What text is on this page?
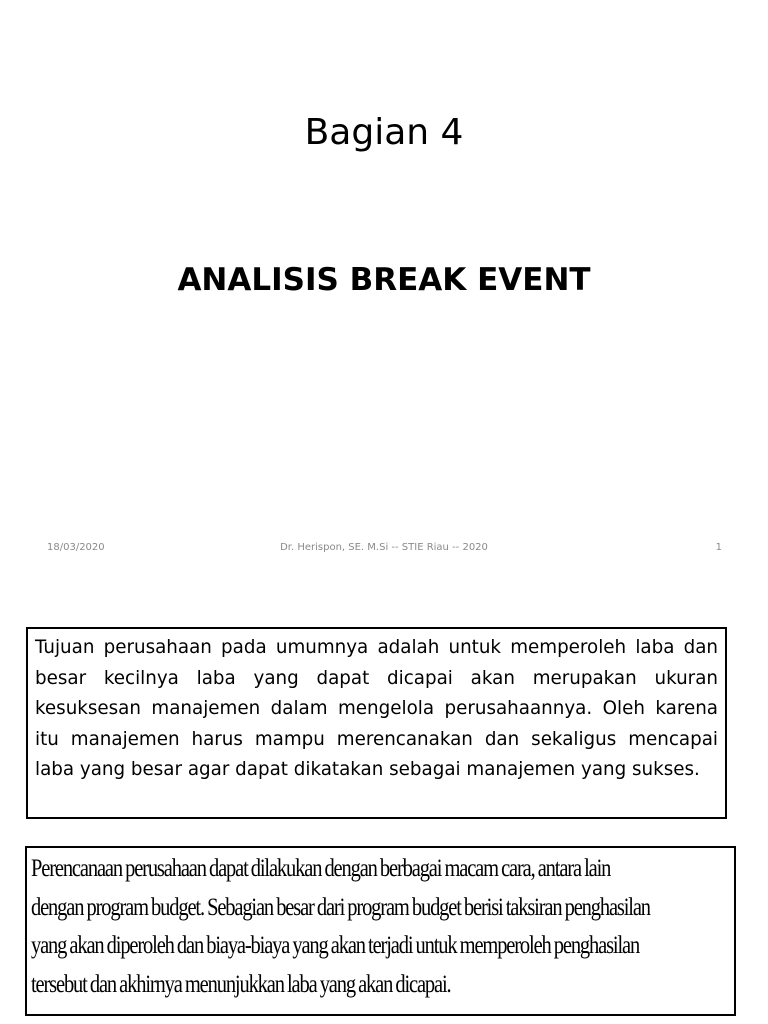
Bagian 4
ANALISIS BREAK EVENT
18/03/2020	Dr. Herispon, SE. M.Si -- STIE Riau -- 2020	1
Tujuan perusahaan pada umumnya adalah untuk memperoleh laba dan besar kecilnya laba yang dapat dicapai akan merupakan ukuran kesuksesan manajemen dalam mengelola perusahaannya. Oleh karena itu manajemen harus mampu merencanakan dan sekaligus mencapai laba yang besar agar dapat dikatakan sebagai manajemen yang sukses.
Perencanaan perusahaan dapat dilakukan dengan berbagai macam cara, antara lain
dengan program budget. Sebagian besar dari program budget berisi taksiran penghasilan
yang akan diperoleh dan biaya-biaya yang akan terjadi untuk memperoleh penghasilan
tersebut dan akhirnya menunjukkan laba yang akan dicapai.
